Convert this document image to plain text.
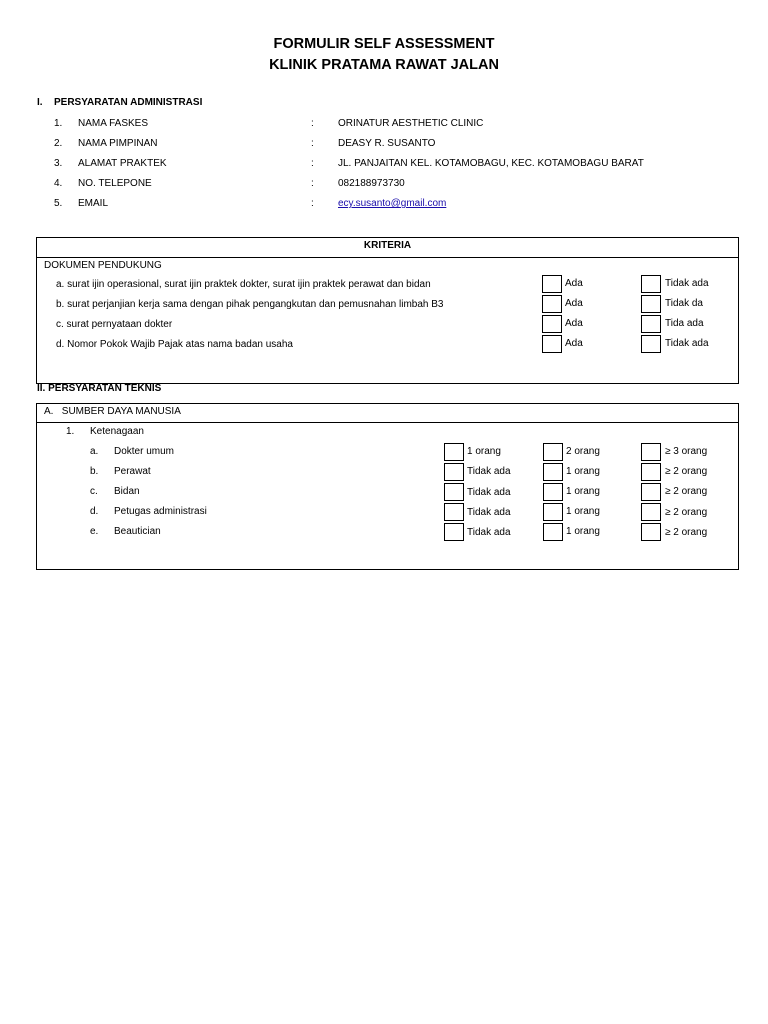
FORMULIR SELF ASSESSMENT
KLINIK PRATAMA RAWAT JALAN
I. PERSYARATAN ADMINISTRASI
1. NAMA FASKES	: ORINATUR AESTHETIC CLINIC
2. NAMA PIMPINAN	: DEASY R. SUSANTO
3. ALAMAT PRAKTEK	: JL. PANJAITAN KEL. KOTAMOBAGU, KEC. KOTAMOBAGU BARAT
4. NO. TELEPONE	: 082188973730
5. EMAIL	: ecy.susanto@gmail.com
KRITERIA
DOKUMEN PENDUKUNG
a. surat ijin operasional, surat ijin praktek dokter, surat ijin praktek perawat dan bidan	Ada	Tidak ada
b. surat perjanjian kerja sama dengan pihak pengangkutan dan pemusnahan limbah B3	Ada	Tidak da
c. surat pernyataan dokter	Ada	Tida ada
d. Nomor Pokok Wajib Pajak atas nama badan usaha	Ada	Tidak ada
II. PERSYARATAN TEKNIS
A.   SUMBER DAYA MANUSIA
1. Ketenagaan
a. Dokter umum	1 orang	2 orang	≥ 3 orang
b. Perawat	Tidak ada	1 orang	≥ 2 orang
c. Bidan	Tidak ada	1 orang	≥ 2 orang
d. Petugas administrasi	Tidak ada	1 orang	≥ 2 orang
e. Beautician	Tidak ada	1 orang	≥ 2 orang
